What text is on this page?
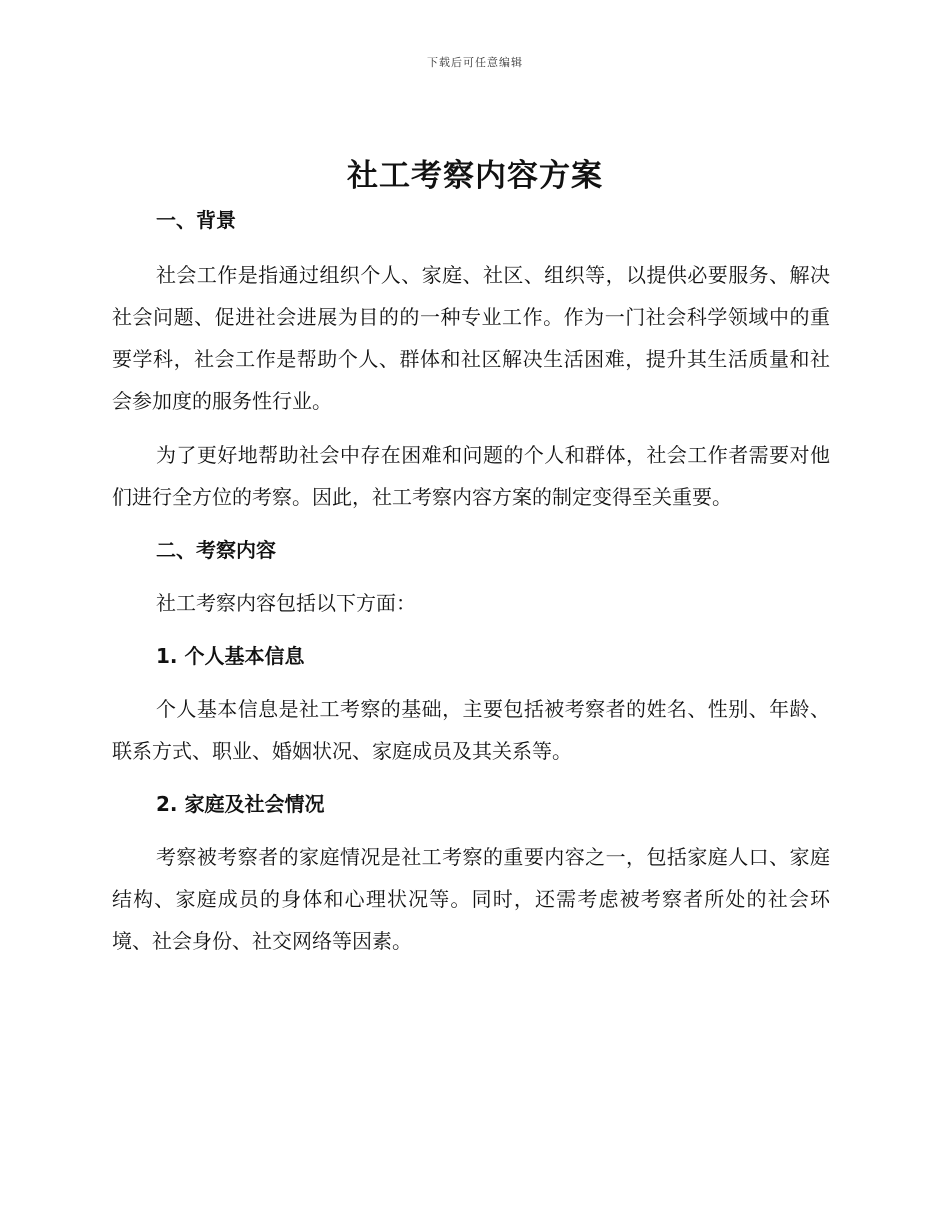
下载后可任意编辑
社工考察内容方案
一、背景

社会工作是指通过组织个人、家庭、社区、组织等，以提供必要服务、解决社会问题、促进社会进展为目的的一种专业工作。作为一门社会科学领域中的重要学科，社会工作是帮助个人、群体和社区解决生活困难，提升其生活质量和社会参加度的服务性行业。

为了更好地帮助社会中存在困难和问题的个人和群体，社会工作者需要对他们进行全方位的考察。因此，社工考察内容方案的制定变得至关重要。

二、考察内容

社工考察内容包括以下方面：

1. 个人基本信息

个人基本信息是社工考察的基础，主要包括被考察者的姓名、性别、年龄、联系方式、职业、婚姻状况、家庭成员及其关系等。

2. 家庭及社会情况

考察被考察者的家庭情况是社工考察的重要内容之一，包括家庭人口、家庭结构、家庭成员的身体和心理状况等。同时，还需考虑被考察者所处的社会环境、社会身份、社交网络等因素。
